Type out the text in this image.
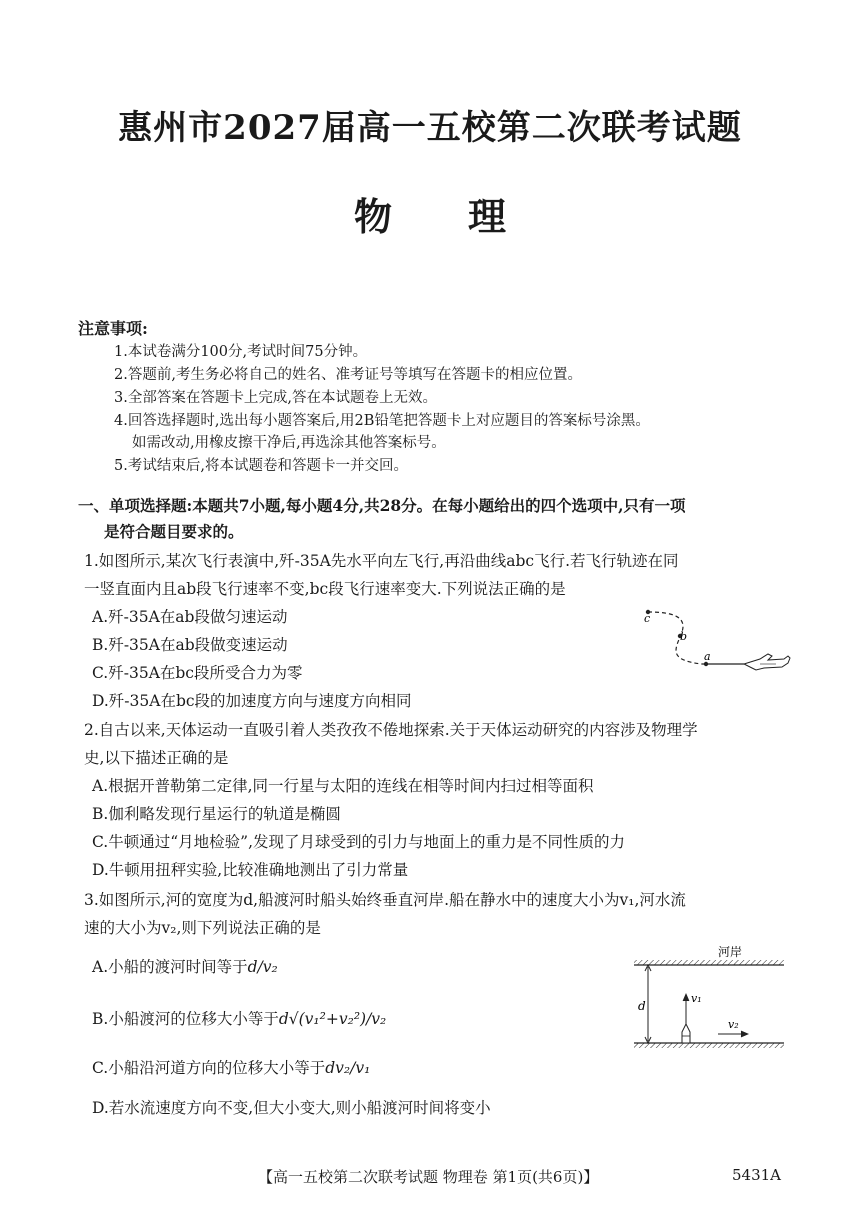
惠州市2027届高一五校第二次联考试题
物 理
注意事项:
1.本试卷满分100分,考试时间75分钟。
2.答题前,考生务必将自己的姓名、准考证号等填写在答题卡的相应位置。
3.全部答案在答题卡上完成,答在本试题卷上无效。
4.回答选择题时,选出每小题答案后,用2B铅笔把答题卡上对应题目的答案标号涂黑。
如需改动,用橡皮擦干净后,再选涂其他答案标号。
5.考试结束后,将本试题卷和答题卡一并交回。
一、单项选择题:本题共7小题,每小题4分,共28分。在每小题给出的四个选项中,只有一项
是符合题目要求的。
1.如图所示,某次飞行表演中,歼-35A先水平向左飞行,再沿曲线abc飞行.若飞行轨迹在同
一竖直面内且ab段飞行速率不变,bc段飞行速率变大.下列说法正确的是
A.歼-35A在ab段做匀速运动
B.歼-35A在ab段做变速运动
C.歼-35A在bc段所受合力为零
D.歼-35A在bc段的加速度方向与速度方向相同
c
b
a
2.自古以来,天体运动一直吸引着人类孜孜不倦地探索.关于天体运动研究的内容涉及物理学
史,以下描述正确的是
A.根据开普勒第二定律,同一行星与太阳的连线在相等时间内扫过相等面积
B.伽利略发现行星运行的轨道是椭圆
C.牛顿通过“月地检验”,发现了月球受到的引力与地面上的重力是不同性质的力
D.牛顿用扭秤实验,比较准确地测出了引力常量
3.如图所示,河的宽度为d,船渡河时船头始终垂直河岸.船在静水中的速度大小为v₁,河水流
速的大小为v₂,则下列说法正确的是
A.小船的渡河时间等于d/v₂
B.小船渡河的位移大小等于d√(v₁²+v₂²)/v₂
C.小船沿河道方向的位移大小等于dv₂/v₁
D.若水流速度方向不变,但大小变大,则小船渡河时间将变小
河岸
d
v₁
v₂
【高一五校第二次联考试题 物理卷 第1页(共6页)】	5431A
